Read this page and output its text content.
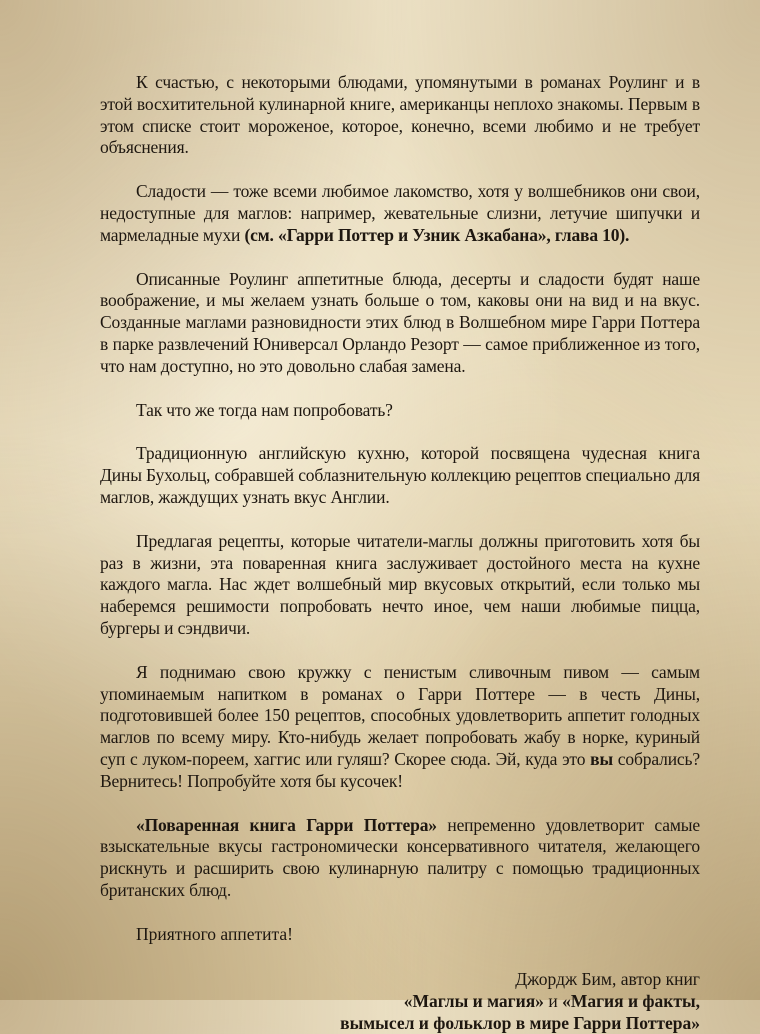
К счастью, с некоторыми блюдами, упомянутыми в романах Роулинг и в этой восхитительной кулинарной книге, американцы неплохо знакомы. Первым в этом списке стоит мороженое, которое, конечно, всеми любимо и не требует объяснения.

Сладости — тоже всеми любимое лакомство, хотя у волшебников они свои, недоступные для маглов: например, жевательные слизни, летучие шипучки и мармеладные мухи (см. «Гарри Поттер и Узник Азкабана», глава 10).

Описанные Роулинг аппетитные блюда, десерты и сладости будят наше воображение, и мы желаем узнать больше о том, каковы они на вид и на вкус. Созданные маглами разновидности этих блюд в Волшебном мире Гарри Поттера в парке развлечений Юниверсал Орландо Резорт — самое приближенное из того, что нам доступно, но это довольно слабая замена.

Так что же тогда нам попробовать?

Традиционную английскую кухню, которой посвящена чудесная книга Дины Бухольц, собравшей соблазнительную коллекцию рецептов специально для маглов, жаждущих узнать вкус Англии.

Предлагая рецепты, которые читатели-маглы должны приготовить хотя бы раз в жизни, эта поваренная книга заслуживает достойного места на кухне каждого магла. Нас ждет волшебный мир вкусовых открытий, если только мы наберемся решимости попробовать нечто иное, чем наши любимые пицца, бургеры и сэндвичи.

Я поднимаю свою кружку с пенистым сливочным пивом — самым упоминаемым напитком в романах о Гарри Поттере — в честь Дины, подготовившей более 150 рецептов, способных удовлетворить аппетит голодных маглов по всему миру. Кто-нибудь желает попробовать жабу в норке, куриный суп с луком-пореем, хаггис или гуляш? Скорее сюда. Эй, куда это вы собрались? Вернитесь! Попробуйте хотя бы кусочек!

«Поваренная книга Гарри Поттера» непременно удовлетворит самые взыскательные вкусы гастрономически консервативного читателя, желающего рискнуть и расширить свою кулинарную палитру с помощью традиционных британских блюд.

Приятного аппетита!

Джордж Бим, автор книг
«Маглы и магия» и «Магия и факты,
вымысел и фольклор в мире Гарри Поттера»
